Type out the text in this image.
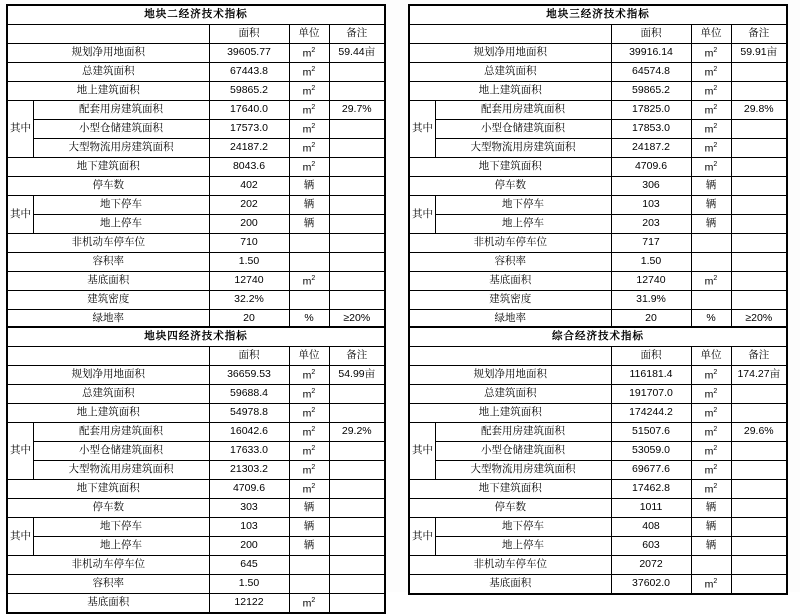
地块二经济技术指标				
		面积	单位	备注
规划净用地面积		39605.77	$m^2$	59.44亩
总建筑面积		67443.8	$m^2$	
地上建筑面积		59865.2	$m^2$	
其中	配套用房建筑面积	17640.0	$m^2$	29.7%
	小型仓储建筑面积	17573.0	$m^2$	
	大型物流用房建筑面积	24187.2	$m^2$	
地下建筑面积		8043.6	$m^2$	
停车数		402	辆	
其中	地下停车	202	辆	
	地上停车	200	辆	
非机动车停车位		710		
容积率		1.50		
基底面积		12740	$m^2$	
建筑密度		32.2%		
绿地率		20	%	≥20%
地块三经济技术指标				
		面积	单位	备注
规划净用地面积		39916.14	$m^2$	59.91亩
总建筑面积		64574.8	$m^2$	
地上建筑面积		59865.2	$m^2$	
其中	配套用房建筑面积	17825.0	$m^2$	29.8%
	小型仓储建筑面积	17853.0	$m^2$	
	大型物流用房建筑面积	24187.2	$m^2$	
地下建筑面积		4709.6	$m^2$	
停车数		306	辆	
其中	地下停车	103	辆	
	地上停车	203	辆	
非机动车停车位		717		
容积率		1.50		
基底面积		12740	$m^2$	
建筑密度		31.9%		
绿地率		20	%	≥20%
地块四经济技术指标				
		面积	单位	备注
规划净用地面积		36659.53	$m^2$	54.99亩
总建筑面积		59688.4	$m^2$	
地上建筑面积		54978.8	$m^2$	
其中	配套用房建筑面积	16042.6	$m^2$	29.2%
	小型仓储建筑面积	17633.0	$m^2$	
	大型物流用房建筑面积	21303.2	$m^2$	
地下建筑面积		4709.6	$m^2$	
停车数		303	辆	
其中	地下停车	103	辆	
	地上停车	200	辆	
非机动车停车位		645		
容积率		1.50		
基底面积		12122	$m^2$	
综合经济技术指标				
		面积	单位	备注
规划净用地面积		116181.4	$m^2$	174.27亩
总建筑面积		191707.0	$m^2$	
地上建筑面积		174244.2	$m^2$	
其中	配套用房建筑面积	51507.6	$m^2$	29.6%
	小型仓储建筑面积	53059.0	$m^2$	
	大型物流用房建筑面积	69677.6	$m^2$	
地下建筑面积		17462.8	$m^2$	
停车数		1011	辆	
其中	地下停车	408	辆	
	地上停车	603	辆	
非机动车停车位		2072		
基底面积		37602.0	$m^2$	
